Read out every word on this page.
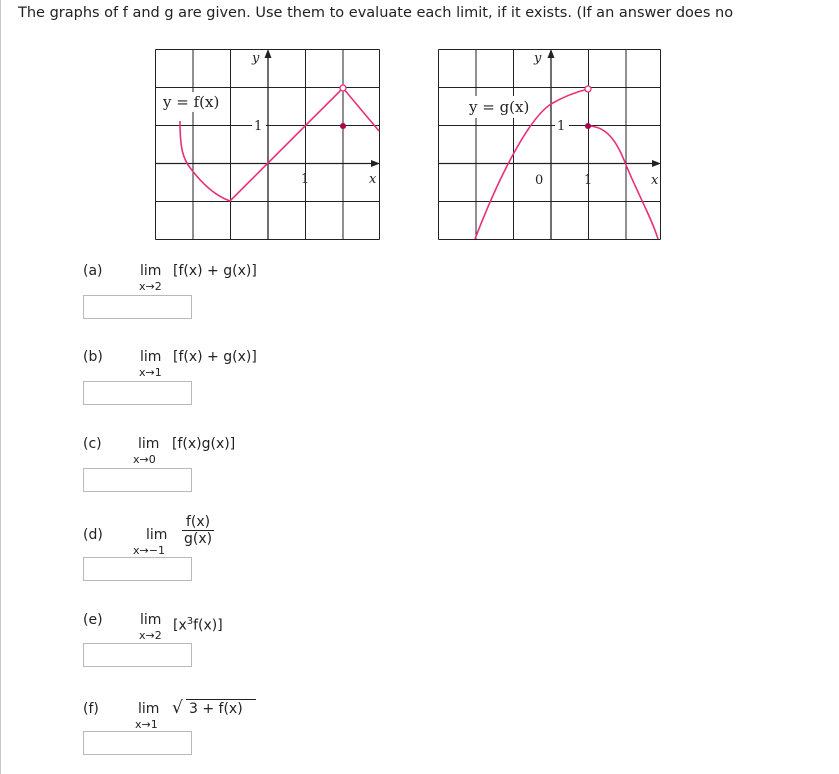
The graphs of f and g are given. Use them to evaluate each limit, if it exists. (If an answer does no
y = f(x)
1
1	x
y
y = g(x)
1
0	1	x
y
(a)	lim
x→2
[f(x) + g(x)]
(b)	lim
x→1
[f(x) + g(x)]
(c)	lim
x→0
[f(x)g(x)]
(d)	lim
x→−1
$\frac{f(x)}{g(x)}$
(e)	lim
x→2
$[x^3f(x)]$
(f)	lim
x→1
√ 3 + f(x)
